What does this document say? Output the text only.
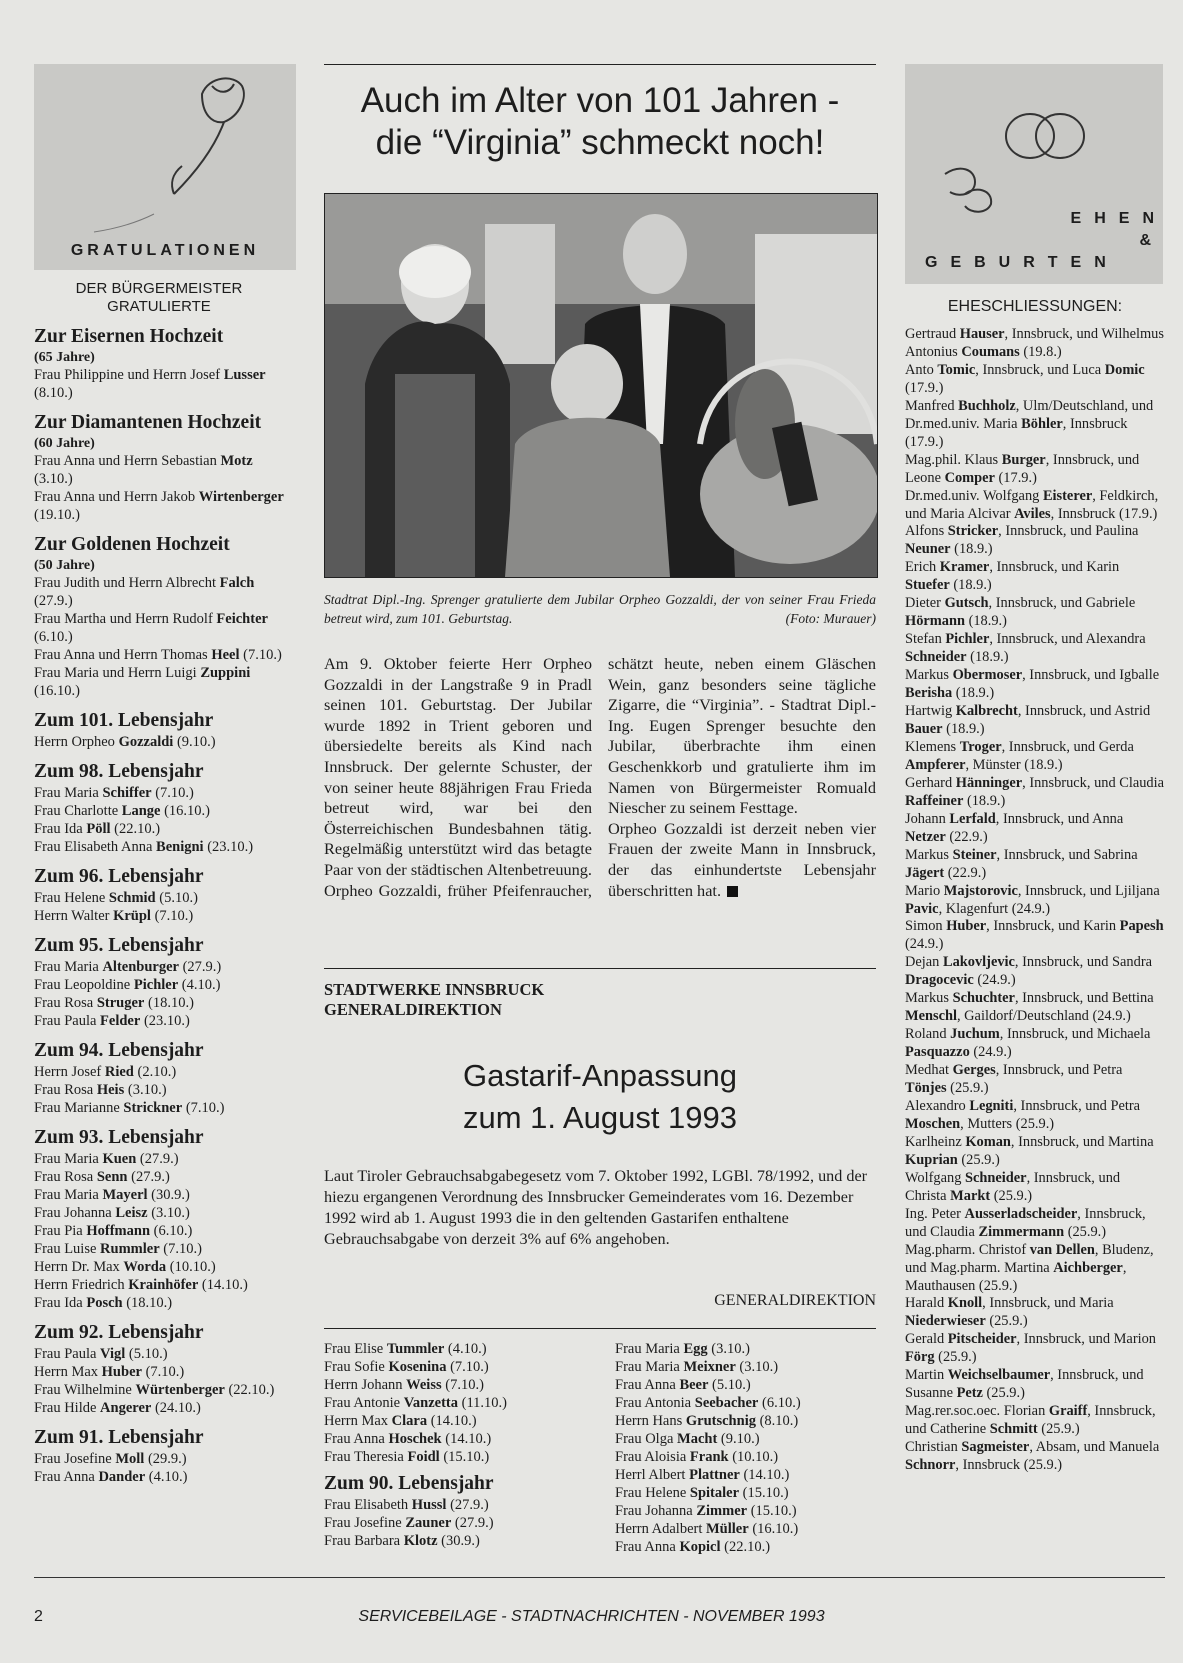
GRATULATIONEN
DER BÜRGERMEISTER
GRATULIERTE
Zur Eisernen Hochzeit
(65 Jahre)
Frau Philippine und Herrn Josef Lusser (8.10.)
Zur Diamantenen Hochzeit
(60 Jahre)
Frau Anna und Herrn Sebastian Motz (3.10.)
Frau Anna und Herrn Jakob Wirtenberger (19.10.)
Zur Goldenen Hochzeit
(50 Jahre)
Frau Judith und Herrn Albrecht Falch (27.9.)
Frau Martha und Herrn Rudolf Feichter (6.10.)
Frau Anna und Herrn Thomas Heel (7.10.)
Frau Maria und Herrn Luigi Zuppini (16.10.)
Zum 101. Lebensjahr
Herrn Orpheo Gozzaldi (9.10.)
Zum 98. Lebensjahr
Frau Maria Schiffer (7.10.)
Frau Charlotte Lange (16.10.)
Frau Ida Pöll (22.10.)
Frau Elisabeth Anna Benigni (23.10.)
Zum 96. Lebensjahr
Frau Helene Schmid (5.10.)
Herrn Walter Krüpl (7.10.)
Zum 95. Lebensjahr
Frau Maria Altenburger (27.9.)
Frau Leopoldine Pichler (4.10.)
Frau Rosa Struger (18.10.)
Frau Paula Felder (23.10.)
Zum 94. Lebensjahr
Herrn Josef Ried (2.10.)
Frau Rosa Heis (3.10.)
Frau Marianne Strickner (7.10.)
Zum 93. Lebensjahr
Frau Maria Kuen (27.9.)
Frau Rosa Senn (27.9.)
Frau Maria Mayerl (30.9.)
Frau Johanna Leisz (3.10.)
Frau Pia Hoffmann (6.10.)
Frau Luise Rummler (7.10.)
Herrn Dr. Max Worda (10.10.)
Herrn Friedrich Krainhöfer (14.10.)
Frau Ida Posch (18.10.)
Zum 92. Lebensjahr
Frau Paula Vigl (5.10.)
Herrn Max Huber (7.10.)
Frau Wilhelmine Würtenberger (22.10.)
Frau Hilde Angerer (24.10.)
Zum 91. Lebensjahr
Frau Josefine Moll (29.9.)
Frau Anna Dander (4.10.)
Auch im Alter von 101 Jahren -
die “Virginia” schmeckt noch!
Stadtrat Dipl.-Ing. Sprenger gratulierte dem Jubilar Orpheo Gozzaldi, der von seiner Frau Frieda betreut wird, zum 101. Geburtstag.	(Foto: Murauer)
Am 9. Oktober feierte Herr Orpheo Gozzaldi in der Langstraße 9 in Pradl seinen 101. Geburtstag. Der Jubilar wurde 1892 in Trient geboren und übersiedelte bereits als Kind nach Innsbruck. Der gelernte Schuster, der von seiner heute 88jährigen Frau Frieda betreut wird, war bei den Österreichischen Bundesbahnen tätig. Regelmäßig unterstützt wird das betagte Paar von der städtischen Altenbetreuung. Orpheo Gozzaldi, früher Pfeifenraucher, schätzt heute, neben einem Gläschen Wein, ganz besonders seine tägliche Zigarre, die “Virginia”. - Stadtrat Dipl.-Ing. Eugen Sprenger besuchte den Jubilar, überbrachte ihm einen Geschenkkorb und gratulierte ihm im Namen von Bürgermeister Romuald Niescher zu seinem Festtage.
Orpheo Gozzaldi ist derzeit neben vier Frauen der zweite Mann in Innsbruck, der das einhundertste Lebensjahr überschritten hat.
STADTWERKE INNSBRUCK
GENERALDIREKTION
Gastarif-Anpassung
zum 1. August 1993
Laut Tiroler Gebrauchsabgabegesetz vom 7. Oktober 1992, LGBl. 78/1992, und der hiezu ergangenen Verordnung des Innsbrucker Gemeinderates vom 16. Dezember 1992 wird ab 1. August 1993 die in den geltenden Gastarifen enthaltene Gebrauchsabgabe von derzeit 3% auf 6% angehoben.
GENERALDIREKTION
Frau Elise Tummler (4.10.)
Frau Sofie Kosenina (7.10.)
Herrn Johann Weiss (7.10.)
Frau Antonie Vanzetta (11.10.)
Herrn Max Clara (14.10.)
Frau Anna Hoschek (14.10.)
Frau Theresia Foidl (15.10.)
Zum 90. Lebensjahr
Frau Elisabeth Hussl (27.9.)
Frau Josefine Zauner (27.9.)
Frau Barbara Klotz (30.9.)
Frau Maria Egg (3.10.)
Frau Maria Meixner (3.10.)
Frau Anna Beer (5.10.)
Frau Antonia Seebacher (6.10.)
Herrn Hans Grutschnig (8.10.)
Frau Olga Macht (9.10.)
Frau Aloisia Frank (10.10.)
Herrl Albert Plattner (14.10.)
Frau Helene Spitaler (15.10.)
Frau Johanna Zimmer (15.10.)
Herrn Adalbert Müller (16.10.)
Frau Anna Kopicl (22.10.)
EHEN
&
GEBURTEN
EHESCHLIESSUNGEN:
Gertraud Hauser, Innsbruck, und Wilhelmus Antonius Coumans (19.8.)
Anto Tomic, Innsbruck, und Luca Domic (17.9.)
Manfred Buchholz, Ulm/Deutschland, und Dr.med.univ. Maria Böhler, Innsbruck (17.9.)
Mag.phil. Klaus Burger, Innsbruck, und Leone Comper (17.9.)
Dr.med.univ. Wolfgang Eisterer, Feldkirch, und Maria Alcivar Aviles, Innsbruck (17.9.)
Alfons Stricker, Innsbruck, und Paulina Neuner (18.9.)
Erich Kramer, Innsbruck, und Karin Stuefer (18.9.)
Dieter Gutsch, Innsbruck, und Gabriele Hörmann (18.9.)
Stefan Pichler, Innsbruck, und Alexandra Schneider (18.9.)
Markus Obermoser, Innsbruck, und Igballe Berisha (18.9.)
Hartwig Kalbrecht, Innsbruck, und Astrid Bauer (18.9.)
Klemens Troger, Innsbruck, und Gerda Ampferer, Münster (18.9.)
Gerhard Hänninger, Innsbruck, und Claudia Raffeiner (18.9.)
Johann Lerfald, Innsbruck, und Anna Netzer (22.9.)
Markus Steiner, Innsbruck, und Sabrina Jägert (22.9.)
Mario Majstorovic, Innsbruck, und Ljiljana Pavic, Klagenfurt (24.9.)
Simon Huber, Innsbruck, und Karin Papesh (24.9.)
Dejan Lakovljevic, Innsbruck, und Sandra Dragocevic (24.9.)
Markus Schuchter, Innsbruck, und Bettina Menschl, Gaildorf/Deutschland (24.9.)
Roland Juchum, Innsbruck, und Michaela Pasquazzo (24.9.)
Medhat Gerges, Innsbruck, und Petra Tönjes (25.9.)
Alexandro Legniti, Innsbruck, und Petra Moschen, Mutters (25.9.)
Karlheinz Koman, Innsbruck, und Martina Kuprian (25.9.)
Wolfgang Schneider, Innsbruck, und Christa Markt (25.9.)
Ing. Peter Ausserladscheider, Innsbruck, und Claudia Zimmermann (25.9.)
Mag.pharm. Christof van Dellen, Bludenz, und Mag.pharm. Martina Aichberger, Mauthausen (25.9.)
Harald Knoll, Innsbruck, und Maria Niederwieser (25.9.)
Gerald Pitscheider, Innsbruck, und Marion Förg (25.9.)
Martin Weichselbaumer, Innsbruck, und Susanne Petz (25.9.)
Mag.rer.soc.oec. Florian Graiff, Innsbruck, und Catherine Schmitt (25.9.)
Christian Sagmeister, Absam, und Manuela Schnorr, Innsbruck (25.9.)
2	SERVICEBEILAGE - STADTNACHRICHTEN - NOVEMBER 1993
